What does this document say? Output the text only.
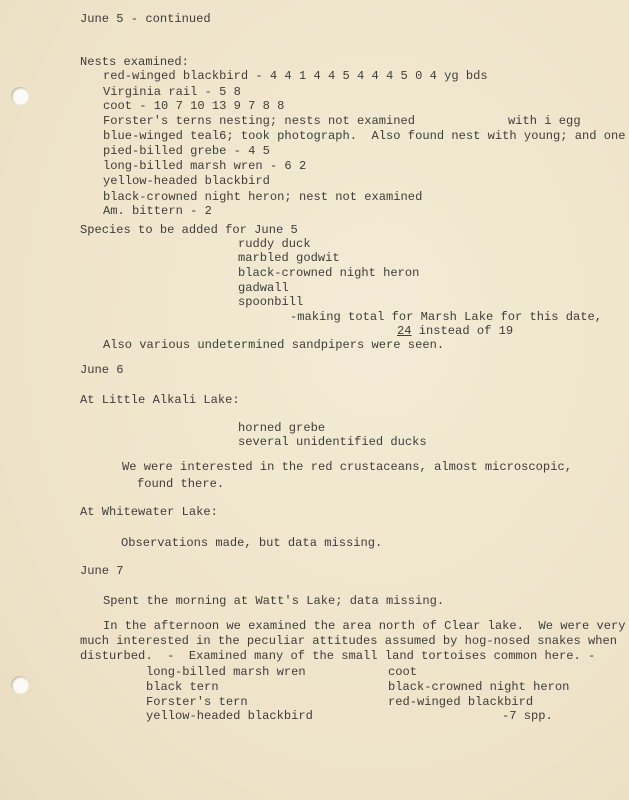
June 5 - continued
Nests examined:
red-winged blackbird - 4 4 1 4 4 5 4 4 4 5 0 4 yg bds
Virginia rail - 5 8
coot - 10 7 10 13 9 7 8 8
Forster's terns nesting; nests not examined	with i egg
blue-winged teal6; took photograph.  Also found nest with young; and one
pied-billed grebe - 4 5
long-billed marsh wren - 6 2
yellow-headed blackbird
black-crowned night heron; nest not examined
Am. bittern - 2
Species to be added for June 5
ruddy duck
marbled godwit
black-crowned night heron
gadwall
spoonbill
-making total for Marsh Lake for this date,
24 instead of 19
Also various undetermined sandpipers were seen.
June 6
At Little Alkali Lake:
horned grebe
several unidentified ducks
We were interested in the red crustaceans, almost microscopic,
found there.
At Whitewater Lake:
Observations made, but data missing.
June 7
Spent the morning at Watt's Lake; data missing.
In the afternoon we examined the area north of Clear lake.  We were very
much interested in the peculiar attitudes assumed by hog-nosed snakes when
disturbed.  -  Examined many of the small land tortoises common here. -
long-billed marsh wren
black tern
Forster's tern
yellow-headed blackbird
coot
black-crowned night heron
red-winged blackbird
-7 spp.
